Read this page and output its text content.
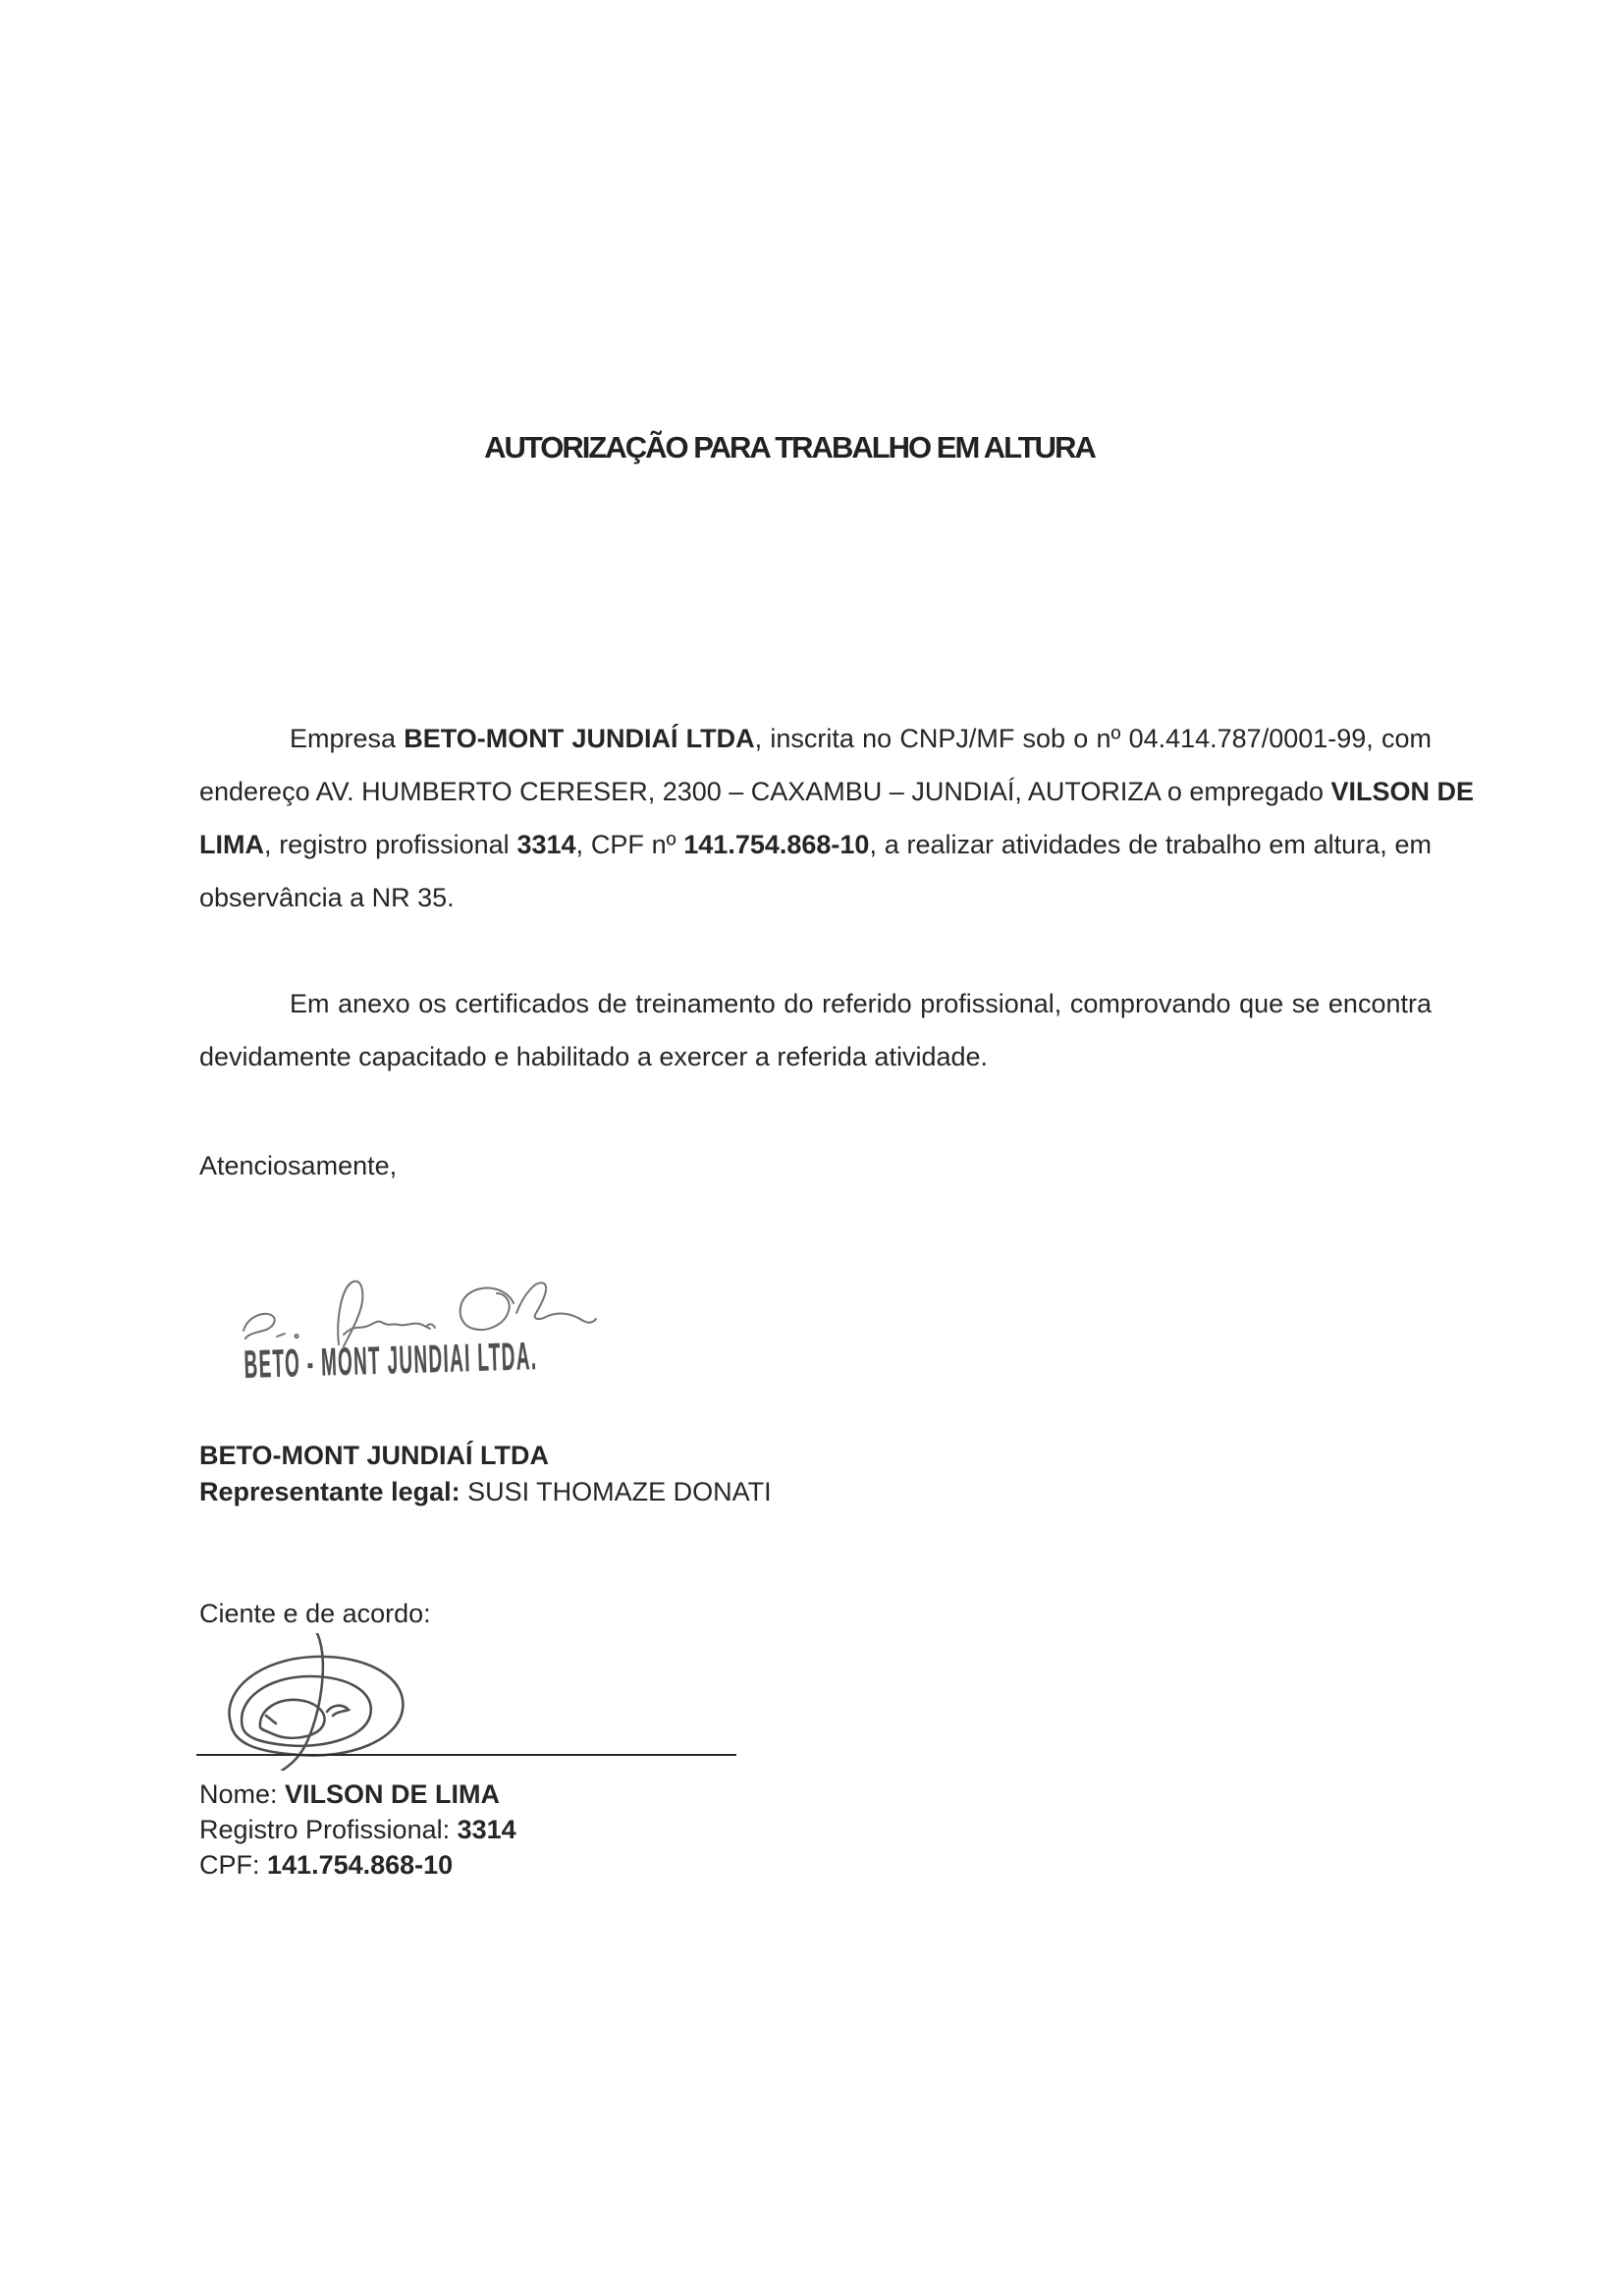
AUTORIZAÇÃO PARA TRABALHO EM ALTURA
Empresa BETO-MONT JUNDIAÍ LTDA, inscrita no CNPJ/MF sob o nº 04.414.787/0001-99, com
endereço AV. HUMBERTO CERESER, 2300 – CAXAMBU – JUNDIAÍ, AUTORIZA o empregado VILSON DE
LIMA, registro profissional 3314, CPF nº 141.754.868-10, a realizar atividades de trabalho em altura, em
observância a NR 35.
Em anexo os certificados de treinamento do referido profissional, comprovando que se encontra
devidamente capacitado e habilitado a exercer a referida atividade.
Atenciosamente,
BETO - MONT JUNDIAI LTDA.
BETO-MONT JUNDIAÍ LTDA
Representante legal: SUSI THOMAZE DONATI
Ciente e de acordo:
Nome: VILSON DE LIMA
Registro Profissional: 3314
CPF: 141.754.868-10
